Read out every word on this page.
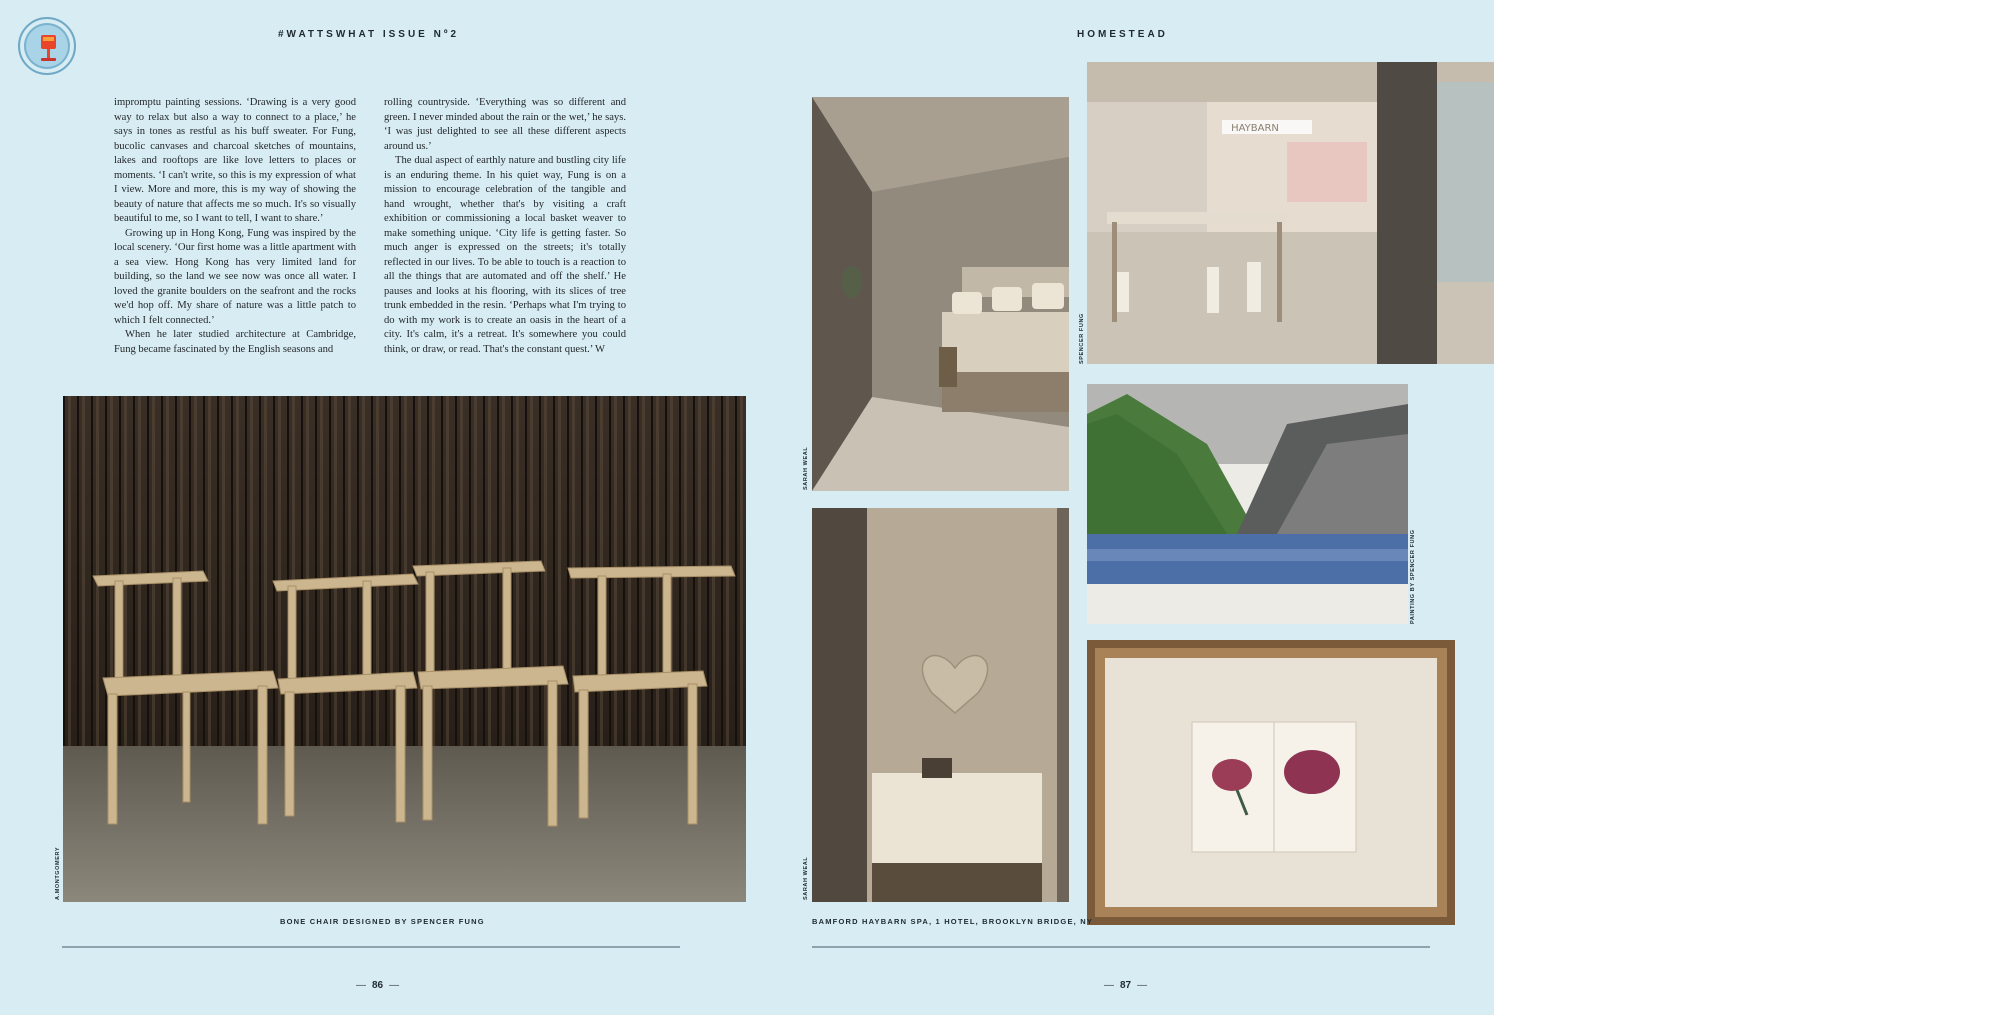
#WATTSWHAT ISSUE Nº2	HOMESTEAD

impromptu painting sessions. ‘Drawing is a very good way to relax but also a way to connect to a place,’ he says in tones as restful as his buff sweater. For Fung, bucolic canvases and charcoal sketches of mountains, lakes and rooftops are like love letters to places or moments. ‘I can't write, so this is my expression of what I view. More and more, this is my way of showing the beauty of nature that affects me so much. It's so visually beautiful to me, so I want to tell, I want to share.’

Growing up in Hong Kong, Fung was inspired by the local scenery. ‘Our first home was a little apartment with a sea view. Hong Kong has very limited land for building, so the land we see now was once all water. I loved the granite boulders on the seafront and the rocks we'd hop off. My share of nature was a little patch to which I felt connected.’

When he later studied architecture at Cambridge, Fung became fascinated by the English seasons and

rolling countryside. ‘Everything was so different and green. I never minded about the rain or the wet,’ he says. ‘I was just delighted to see all these different aspects around us.’

The dual aspect of earthly nature and bustling city life is an enduring theme. In his quiet way, Fung is on a mission to encourage celebration of the tangible and hand wrought, whether that's by visiting a craft exhibition or commissioning a local basket weaver to make something unique. ‘City life is getting faster. So much anger is expressed on the streets; it's totally reflected in our lives. To be able to touch is a reaction to all the things that are automated and off the shelf.’ He pauses and looks at his flooring, with its slices of tree trunk embedded in the resin. ‘Perhaps what I'm trying to do with my work is to create an oasis in the heart of a city. It's calm, it's a retreat. It's somewhere you could think, or draw, or read. That's the constant quest.’ W

A.MONTGOMERY
SARAH WEAL
HAYBARN
SPENCER FUNG
PAINTING BY SPENCER FUNG
SARAH WEAL
BONE CHAIR DESIGNED BY SPENCER FUNG	BAMFORD HAYBARN SPA, 1 HOTEL, BROOKLYN BRIDGE, NY
— 86 —	— 87 —
